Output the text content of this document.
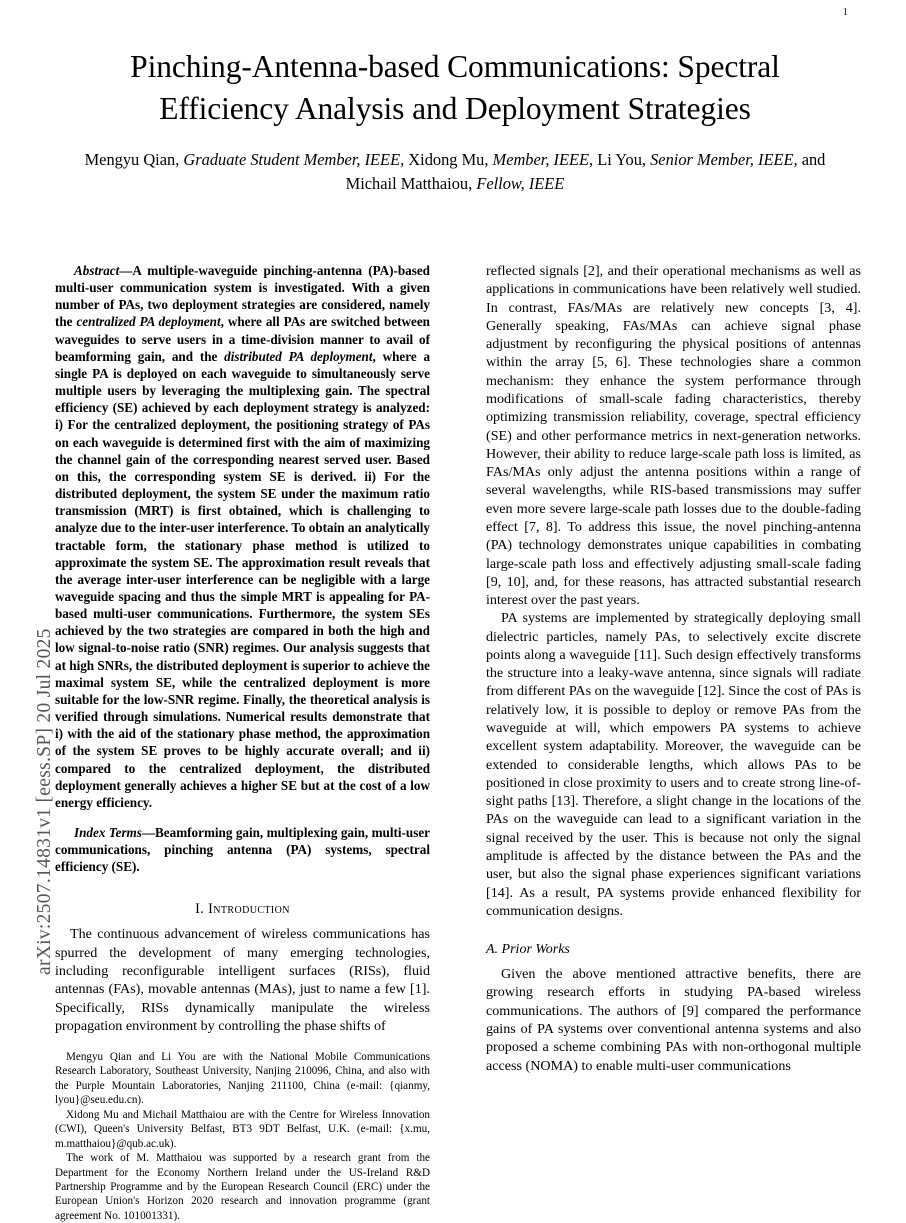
arXiv:2507.14831v1 [eess.SP] 20 Jul 2025
1
Pinching-Antenna-based Communications: Spectral
Efficiency Analysis and Deployment Strategies
Mengyu Qian, Graduate Student Member, IEEE, Xidong Mu, Member, IEEE, Li You, Senior Member, IEEE, and
Michail Matthaiou, Fellow, IEEE

Abstract—A multiple-waveguide pinching-antenna (PA)-based multi-user communication system is investigated. With a given number of PAs, two deployment strategies are considered, namely the centralized PA deployment, where all PAs are switched between waveguides to serve users in a time-division manner to avail of beamforming gain, and the distributed PA deployment, where a single PA is deployed on each waveguide to simultaneously serve multiple users by leveraging the multiplexing gain. The spectral efficiency (SE) achieved by each deployment strategy is analyzed: i) For the centralized deployment, the positioning strategy of PAs on each waveguide is determined first with the aim of maximizing the channel gain of the corresponding nearest served user. Based on this, the corresponding system SE is derived. ii) For the distributed deployment, the system SE under the maximum ratio transmission (MRT) is first obtained, which is challenging to analyze due to the inter-user interference. To obtain an analytically tractable form, the stationary phase method is utilized to approximate the system SE. The approximation result reveals that the average inter-user interference can be negligible with a large waveguide spacing and thus the simple MRT is appealing for PA-based multi-user communications. Furthermore, the system SEs achieved by the two strategies are compared in both the high and low signal-to-noise ratio (SNR) regimes. Our analysis suggests that at high SNRs, the distributed deployment is superior to achieve the maximal system SE, while the centralized deployment is more suitable for the low-SNR regime. Finally, the theoretical analysis is verified through simulations. Numerical results demonstrate that i) with the aid of the stationary phase method, the approximation of the system SE proves to be highly accurate overall; and ii) compared to the centralized deployment, the distributed deployment generally achieves a higher SE but at the cost of a low energy efficiency.

Index Terms—Beamforming gain, multiplexing gain, multi-user communications, pinching antenna (PA) systems, spectral efficiency (SE).

I. Introduction

The continuous advancement of wireless communications has spurred the development of many emerging technologies, including reconfigurable intelligent surfaces (RISs), fluid antennas (FAs), movable antennas (MAs), just to name a few [1]. Specifically, RISs dynamically manipulate the wireless propagation environment by controlling the phase shifts of

Mengyu Qian and Li You are with the National Mobile Communications Research Laboratory, Southeast University, Nanjing 210096, China, and also with the Purple Mountain Laboratories, Nanjing 211100, China (e-mail: {qianmy, lyou}@seu.edu.cn).

Xidong Mu and Michail Matthaiou are with the Centre for Wireless Innovation (CWI), Queen's University Belfast, BT3 9DT Belfast, U.K. (e-mail: {x.mu, m.matthaiou}@qub.ac.uk).

The work of M. Matthaiou was supported by a research grant from the Department for the Economy Northern Ireland under the US-Ireland R&D Partnership Programme and by the European Research Council (ERC) under the European Union's Horizon 2020 research and innovation programme (grant agreement No. 101001331).

reflected signals [2], and their operational mechanisms as well as applications in communications have been relatively well studied. In contrast, FAs/MAs are relatively new concepts [3, 4]. Generally speaking, FAs/MAs can achieve signal phase adjustment by reconfiguring the physical positions of antennas within the array [5, 6]. These technologies share a common mechanism: they enhance the system performance through modifications of small-scale fading characteristics, thereby optimizing transmission reliability, coverage, spectral efficiency (SE) and other performance metrics in next-generation networks. However, their ability to reduce large-scale path loss is limited, as FAs/MAs only adjust the antenna positions within a range of several wavelengths, while RIS-based transmissions may suffer even more severe large-scale path losses due to the double-fading effect [7, 8]. To address this issue, the novel pinching-antenna (PA) technology demonstrates unique capabilities in combating large-scale path loss and effectively adjusting small-scale fading [9, 10], and, for these reasons, has attracted substantial research interest over the past years.

PA systems are implemented by strategically deploying small dielectric particles, namely PAs, to selectively excite discrete points along a waveguide [11]. Such design effectively transforms the structure into a leaky-wave antenna, since signals will radiate from different PAs on the waveguide [12]. Since the cost of PAs is relatively low, it is possible to deploy or remove PAs from the waveguide at will, which empowers PA systems to achieve excellent system adaptability. Moreover, the waveguide can be extended to considerable lengths, which allows PAs to be positioned in close proximity to users and to create strong line-of-sight paths [13]. Therefore, a slight change in the locations of the PAs on the waveguide can lead to a significant variation in the signal received by the user. This is because not only the signal amplitude is affected by the distance between the PAs and the user, but also the signal phase experiences significant variations [14]. As a result, PA systems provide enhanced flexibility for communication designs.

A. Prior Works

Given the above mentioned attractive benefits, there are growing research efforts in studying PA-based wireless communications. The authors of [9] compared the performance gains of PA systems over conventional antenna systems and also proposed a scheme combining PAs with non-orthogonal multiple access (NOMA) to enable multi-user communications
